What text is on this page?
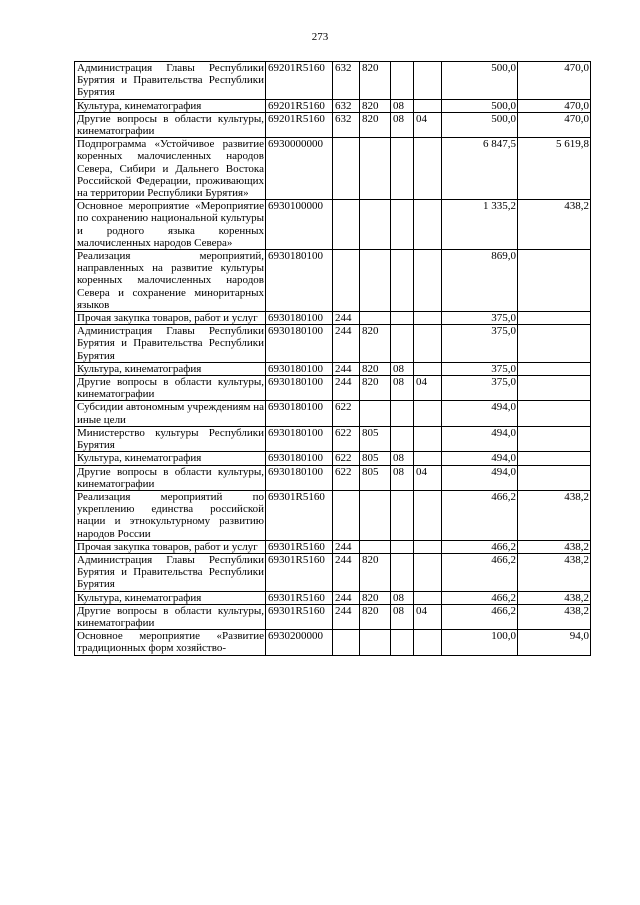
273
Администрация Главы Республики Бурятия и Правительства Республики Бурятия	69201R5160	632	820			500,0	470,0
Культура, кинематография	69201R5160	632	820	08		500,0	470,0
Другие вопросы в области культуры, кинематографии	69201R5160	632	820	08	04	500,0	470,0
Подпрограмма «Устойчивое развитие коренных малочисленных народов Севера, Сибири и Дальнего Востока Российской Федерации, проживающих на территории Республики Бурятия»	6930000000					6 847,5	5 619,8
Основное мероприятие «Мероприятие по сохранению национальной культуры и родного языка коренных малочисленных народов Севера»	6930100000					1 335,2	438,2
Реализация мероприятий, направленных на развитие культуры коренных малочисленных народов Севера и сохранение миноритарных языков	6930180100					869,0	
Прочая закупка товаров, работ и услуг	6930180100	244				375,0	
Администрация Главы Республики Бурятия и Правительства Республики Бурятия	6930180100	244	820			375,0	
Культура, кинематография	6930180100	244	820	08		375,0	
Другие вопросы в области культуры, кинематографии	6930180100	244	820	08	04	375,0	
Субсидии автономным учреждениям на иные цели	6930180100	622				494,0	
Министерство культуры Республики Бурятия	6930180100	622	805			494,0	
Культура, кинематография	6930180100	622	805	08		494,0	
Другие вопросы в области культуры, кинематографии	6930180100	622	805	08	04	494,0	
Реализация мероприятий по укреплению единства российской нации и этнокультурному развитию народов России	69301R5160					466,2	438,2
Прочая закупка товаров, работ и услуг	69301R5160	244				466,2	438,2
Администрация Главы Республики Бурятия и Правительства Республики Бурятия	69301R5160	244	820			466,2	438,2
Культура, кинематография	69301R5160	244	820	08		466,2	438,2
Другие вопросы в области культуры, кинематографии	69301R5160	244	820	08	04	466,2	438,2
Основное мероприятие «Развитие традиционных форм хозяйство-	6930200000					100,0	94,0
